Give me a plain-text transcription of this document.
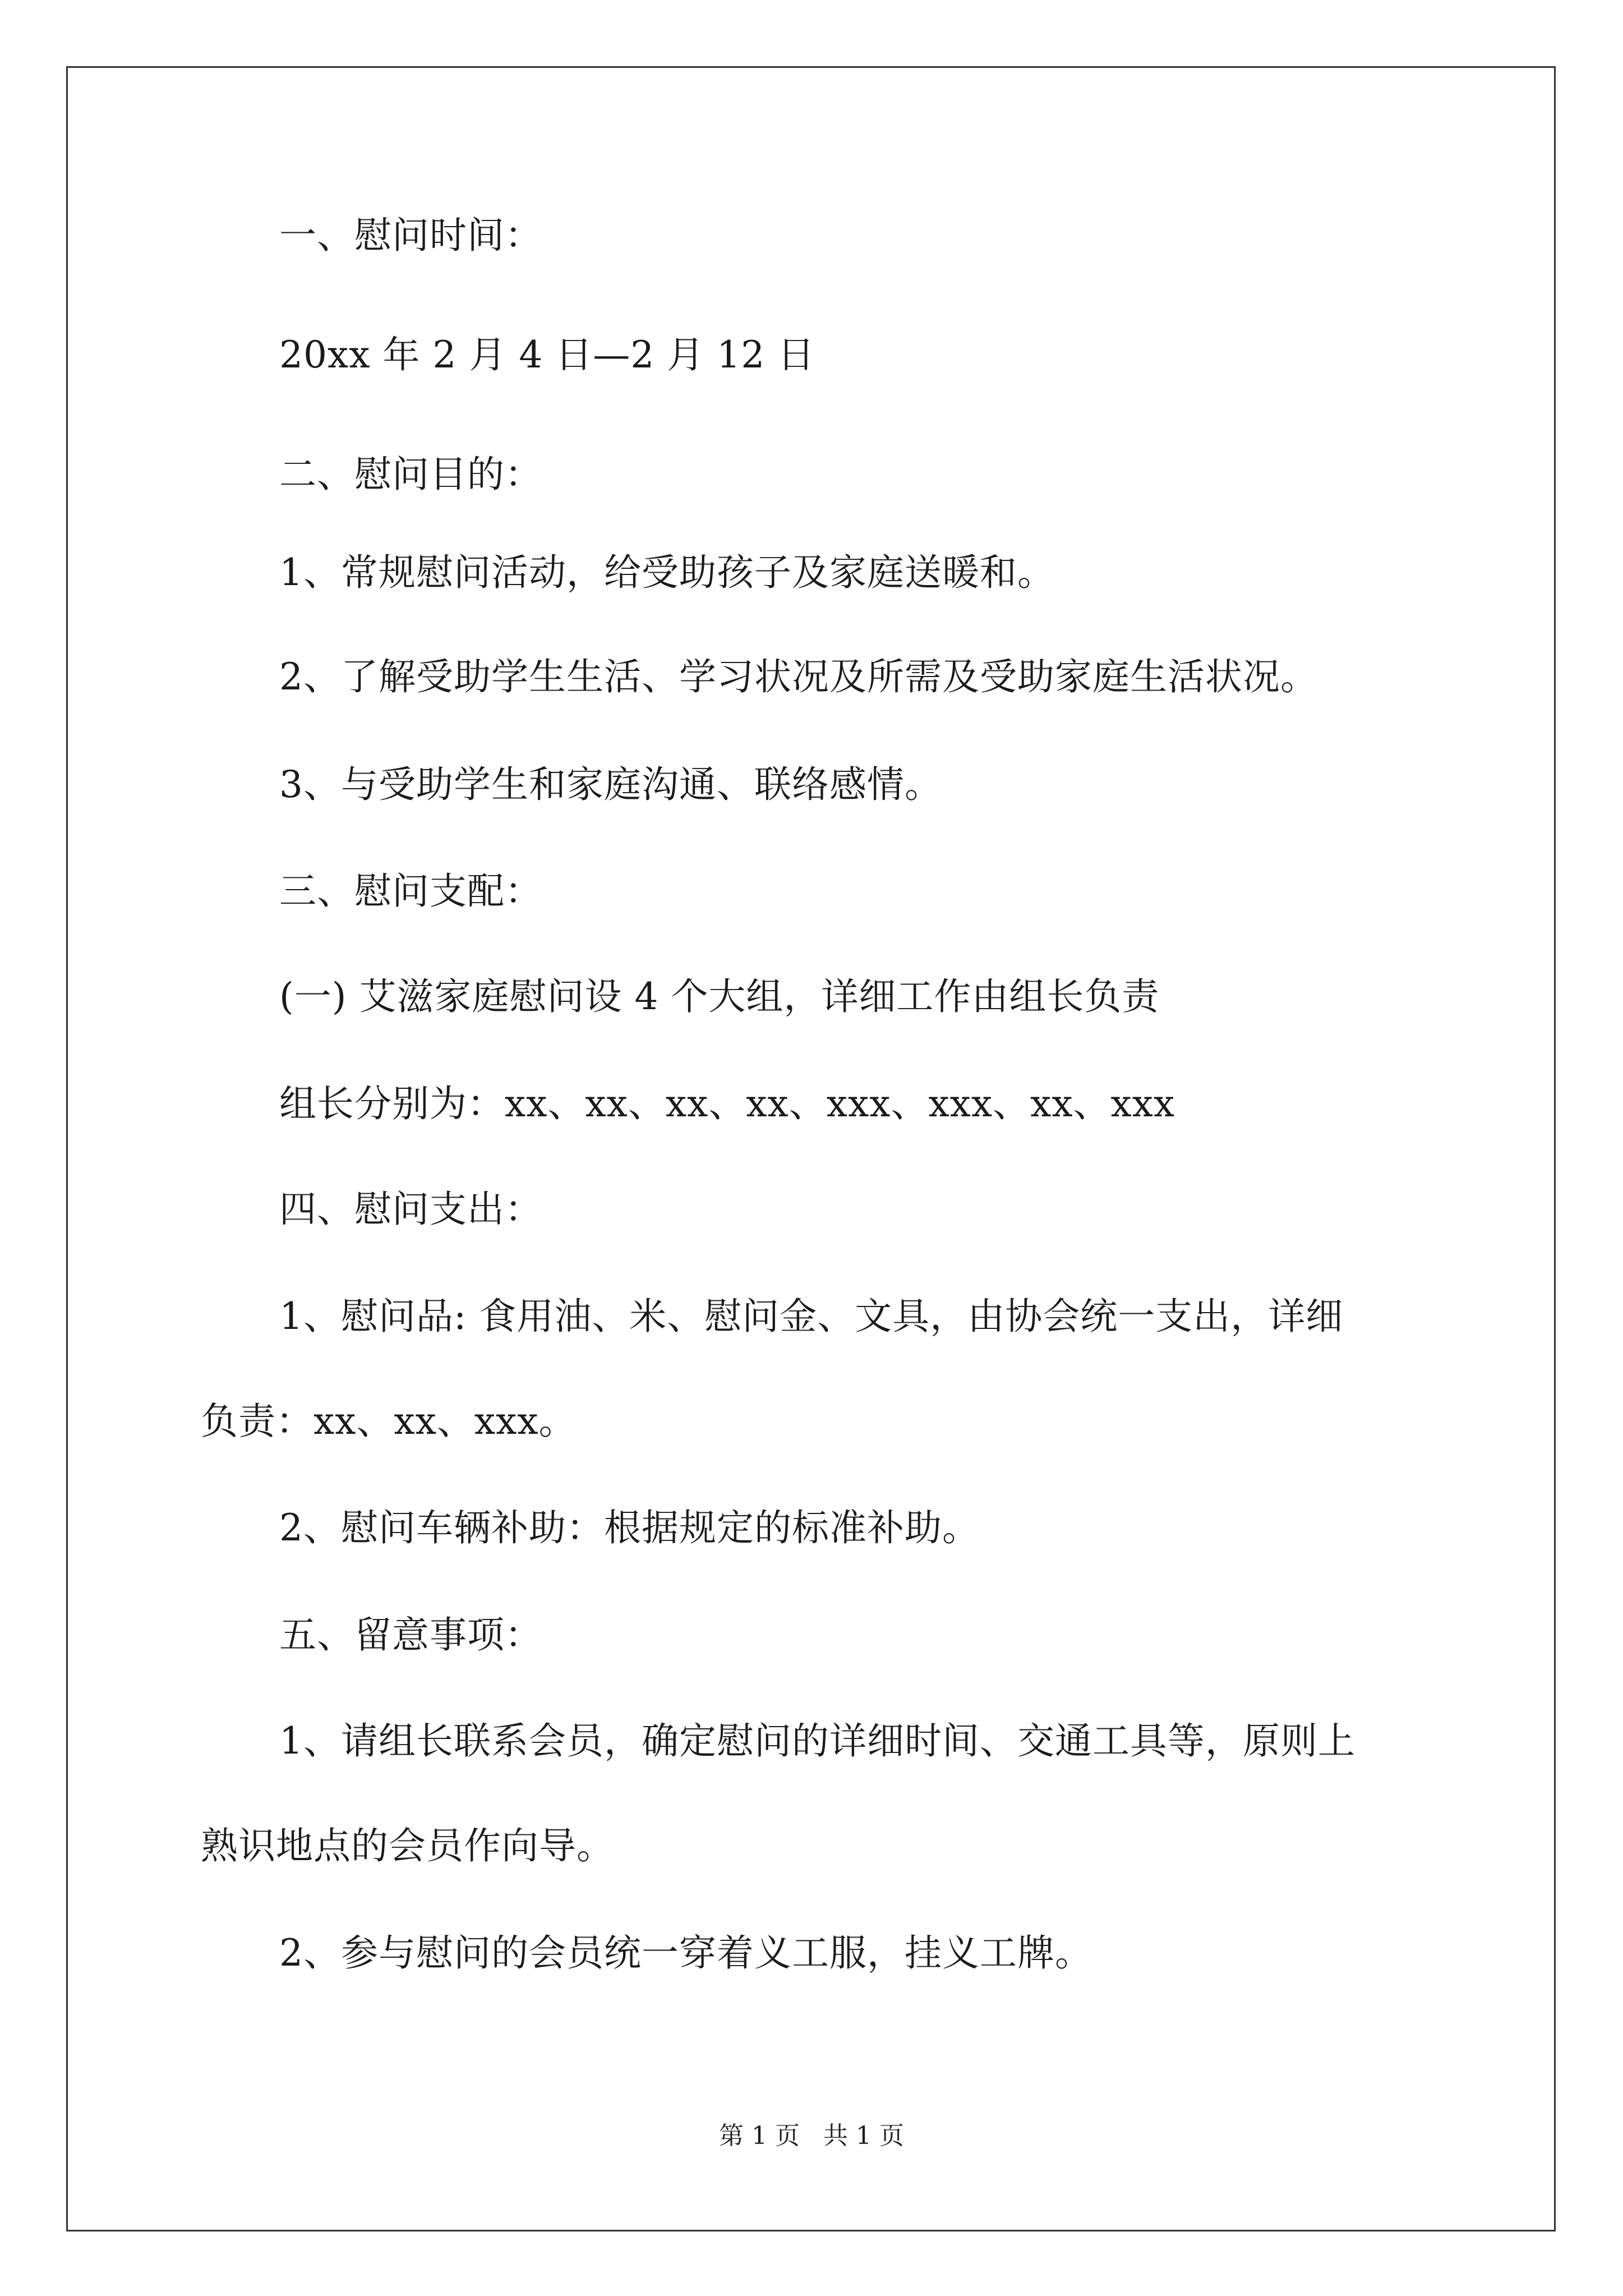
一、慰问时间：
20xx 年 2 月 4 日—2 月 12 日
二、慰问目的：
1、常规慰问活动，给受助孩子及家庭送暖和。
2、了解受助学生生活、学习状况及所需及受助家庭生活状况。
3、与受助学生和家庭沟通、联络感情。
三、慰问支配：
(一) 艾滋家庭慰问设 4 个大组，详细工作由组长负责
组长分别为：xx、xx、xx、xx、xxx、xxx、xx、xxx
四、慰问支出：
1、慰问品: 食用油、米、慰问金、文具，由协会统一支出，详细
负责：xx、xx、xxx。
2、慰问车辆补助：根据规定的标准补助。
五、留意事项：
1、请组长联系会员，确定慰问的详细时间、交通工具等，原则上
熟识地点的会员作向导。
2、参与慰问的会员统一穿着义工服，挂义工牌。
第 1 页 共 1 页
